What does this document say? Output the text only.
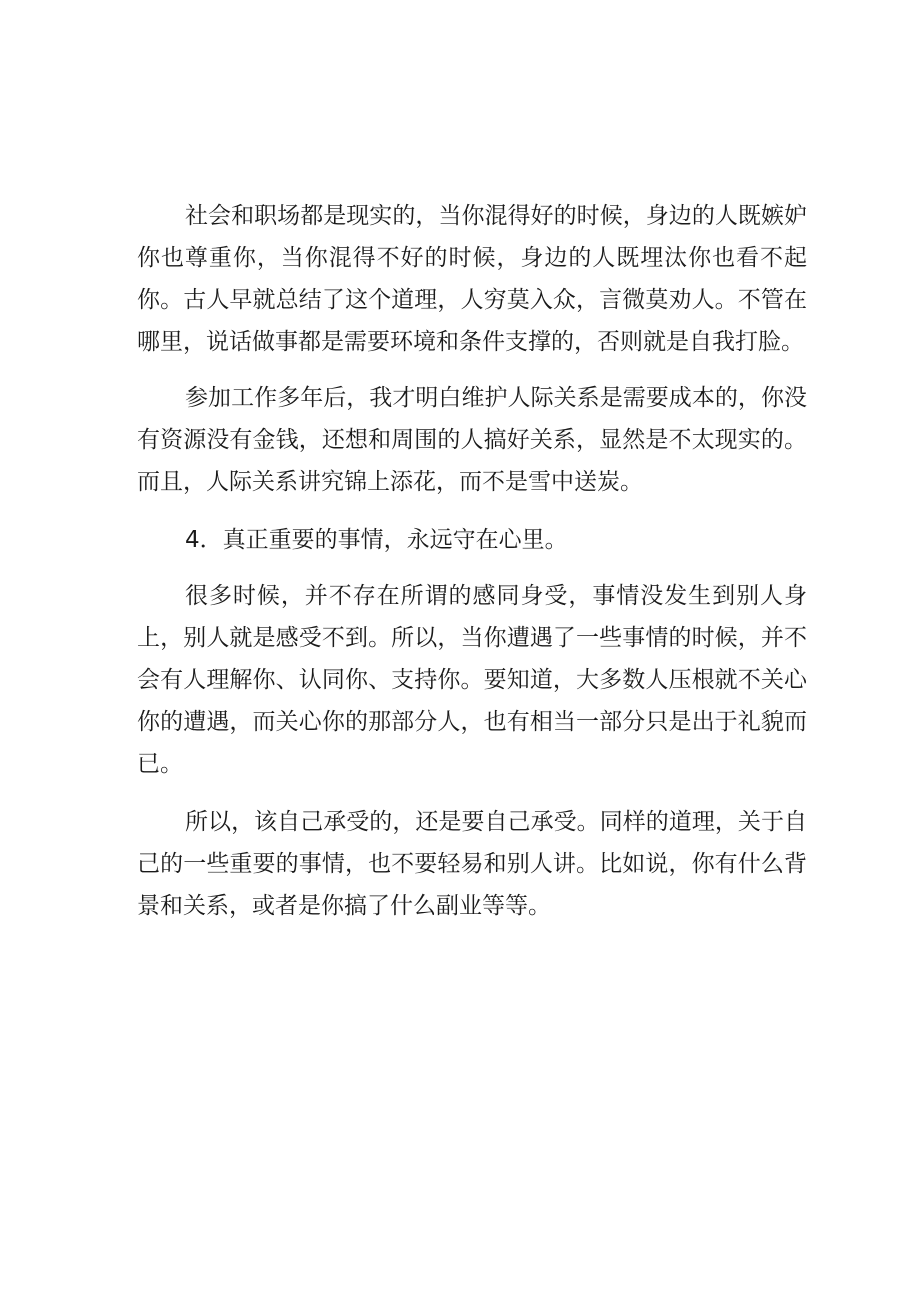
社会和职场都是现实的，当你混得好的时候，身边的人既嫉妒你也尊重你，当你混得不好的时候，身边的人既埋汰你也看不起你。古人早就总结了这个道理，人穷莫入众，言微莫劝人。不管在哪里，说话做事都是需要环境和条件支撑的，否则就是自我打脸。

参加工作多年后，我才明白维护人际关系是需要成本的，你没有资源没有金钱，还想和周围的人搞好关系，显然是不太现实的。而且，人际关系讲究锦上添花，而不是雪中送炭。

4．真正重要的事情，永远守在心里。

很多时候，并不存在所谓的感同身受，事情没发生到别人身上，别人就是感受不到。所以，当你遭遇了一些事情的时候，并不会有人理解你、认同你、支持你。要知道，大多数人压根就不关心你的遭遇，而关心你的那部分人，也有相当一部分只是出于礼貌而已。

所以，该自己承受的，还是要自己承受。同样的道理，关于自己的一些重要的事情，也不要轻易和别人讲。比如说，你有什么背景和关系，或者是你搞了什么副业等等。
